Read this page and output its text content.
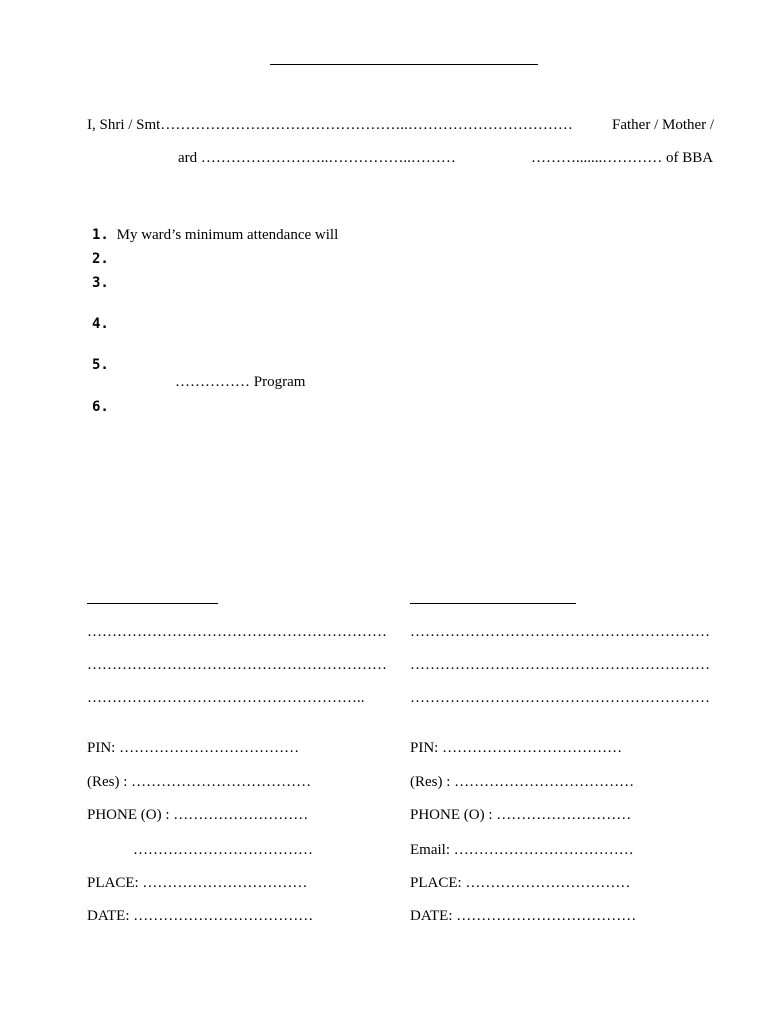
I, Shri / Smt…………………………………………..……………………………	Father / Mother /
ard ……………………..……………..………	……….......………… of BBA
1. My ward’s minimum attendance will
2.
3.
4.
5.
…………… Program
6.
……………………………………………………
……………………………………………………
………………………………………………..
PIN: ………………………………
(Res) : ………………………………
PHONE (O) : ………………………
………………………………
PLACE: ……………………………
DATE: ………………………………
……………………………………………………
……………………………………………………
……………………………………………………
PIN: ………………………………
(Res) : ………………………………
PHONE (O) : ………………………
Email: ………………………………
PLACE: ……………………………
DATE: ………………………………
